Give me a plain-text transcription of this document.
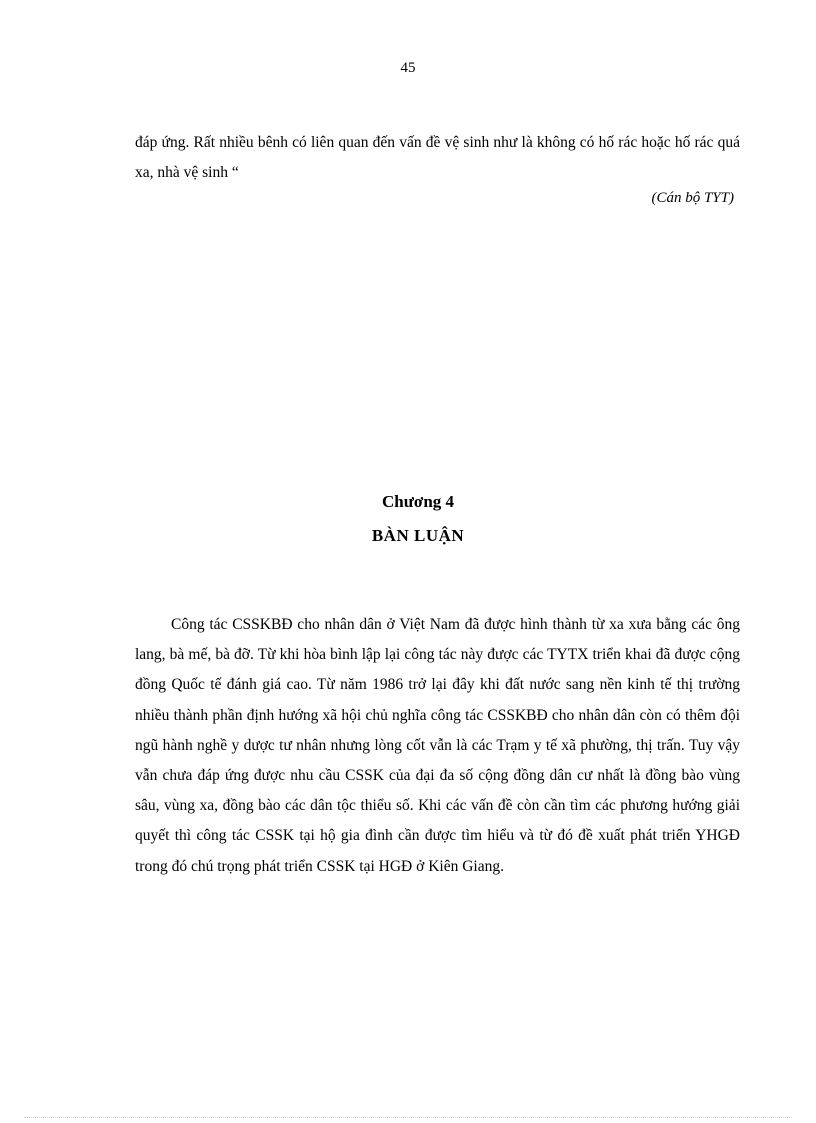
45

đáp ứng. Rất nhiều bênh có liên quan đến vấn đề vệ sinh như là không có hố rác hoặc hố rác quá xa, nhà vệ sinh “

(Cán bộ TYT)
Chương 4
BÀN LUẬN

Công tác CSSKBĐ cho nhân dân ở Việt Nam đã được hình thành từ xa xưa bằng các ông lang, bà mế, bà đỡ. Từ khi hòa bình lập lại công tác này được các TYTX triển khai đã được cộng đồng Quốc tế đánh giá cao. Từ năm 1986 trở lại đây khi đất nước sang nền kinh tế thị trường nhiều thành phần định hướng xã hội chủ nghĩa công tác CSSKBĐ cho nhân dân còn có thêm đội ngũ hành nghề y dược tư nhân nhưng lòng cốt vẫn là các Trạm y tế xã phường, thị trấn. Tuy vậy vẫn chưa đáp ứng được nhu cầu CSSK của đại đa số cộng đồng dân cư nhất là đồng bào vùng sâu, vùng xa, đồng bào các dân tộc thiểu số. Khi các vấn đề còn cần tìm các phương hướng giải quyết thì công tác CSSK tại hộ gia đình cần được tìm hiểu và từ đó đề xuất phát triển YHGĐ trong đó chú trọng phát triển CSSK tại HGĐ ở Kiên Giang.
